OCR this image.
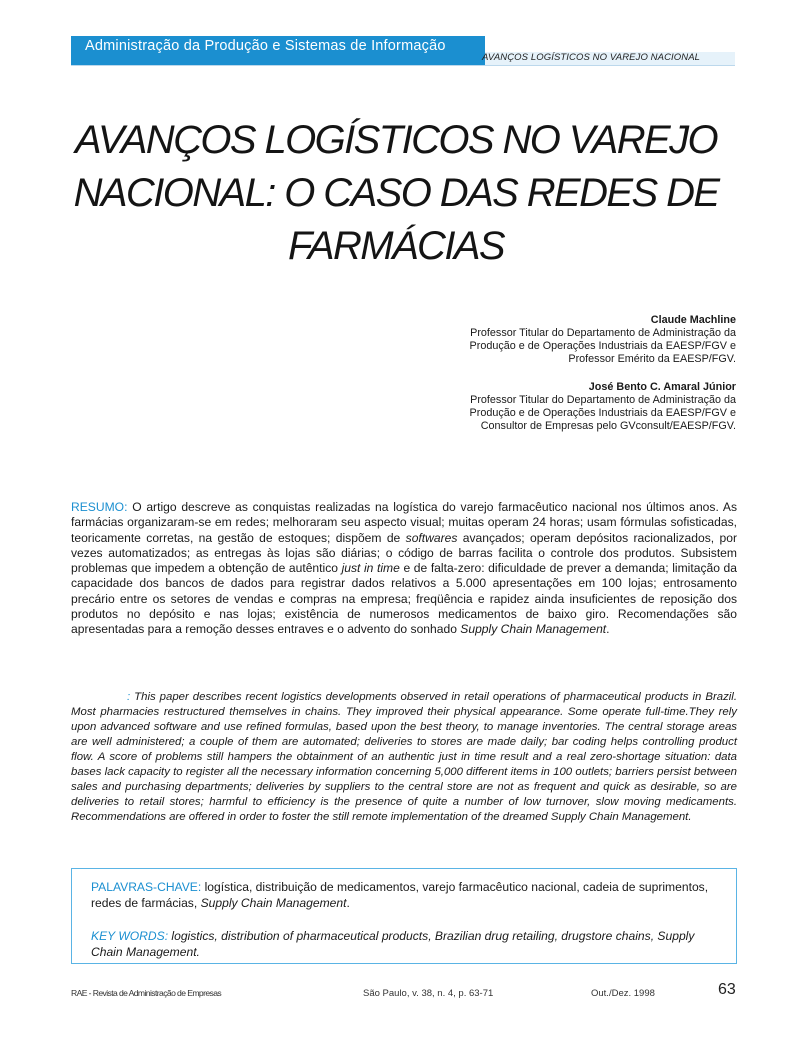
Administração da Produção e Sistemas de Informação
AVANÇOS LOGÍSTICOS NO VAREJO NACIONAL
AVANÇOS LOGÍSTICOS NO VAREJO NACIONAL: O CASO DAS REDES DE FARMÁCIAS
Claude Machline
Professor Titular do Departamento de Administração da
Produção e de Operações Industriais da EAESP/FGV e
Professor Emérito da EAESP/FGV.
José Bento C. Amaral Júnior
Professor Titular do Departamento de Administração da
Produção e de Operações Industriais da EAESP/FGV e
Consultor de Empresas pelo GVconsult/EAESP/FGV.

RESUMO: O artigo descreve as conquistas realizadas na logística do varejo farmacêutico nacional nos últimos anos. As farmácias organizaram-se em redes; melhoraram seu aspecto visual; muitas operam 24 horas; usam fórmulas sofisticadas, teoricamente corretas, na gestão de estoques; dispõem de softwares avançados; operam depósitos racionalizados, por vezes automatizados; as entregas às lojas são diárias; o código de barras facilita o controle dos produtos. Subsistem problemas que impedem a obtenção de autêntico just in time e de falta-zero: dificuldade de prever a demanda; limitação da capacidade dos bancos de dados para registrar dados relativos a 5.000 apresentações em 100 lojas; entrosamento precário entre os setores de vendas e compras na empresa; freqüência e rapidez ainda insuficientes de reposição dos produtos no depósito e nas lojas; existência de numerosos medicamentos de baixo giro. Recomendações são apresentadas para a remoção desses entraves e o advento do sonhado Supply Chain Management.

: This paper describes recent logistics developments observed in retail operations of pharmaceutical products in Brazil. Most pharmacies restructured themselves in chains. They improved their physical appearance. Some operate full-time.They rely upon advanced software and use refined formulas, based upon the best theory, to manage inventories. The central storage areas are well administered; a couple of them are automated; deliveries to stores are made daily; bar coding helps controlling product flow. A score of problems still hampers the obtainment of an authentic just in time result and a real zero-shortage situation: data bases lack capacity to register all the necessary information concerning 5,000 different items in 100 outlets; barriers persist between sales and purchasing departments; deliveries by suppliers to the central store are not as frequent and quick as desirable, so are deliveries to retail stores; harmful to efficiency is the presence of quite a number of low turnover, slow moving medicaments. Recommendations are offered in order to foster the still remote implementation of the dreamed Supply Chain Management.

PALAVRAS-CHAVE: logística, distribuição de medicamentos, varejo farmacêutico nacional, cadeia de suprimentos, redes de farmácias, Supply Chain Management.

KEY WORDS: logistics, distribution of pharmaceutical products, Brazilian drug retailing, drugstore chains, Supply Chain Management.

RAE - Revista de Administração de Empresas	São Paulo, v. 38, n. 4, p. 63-71	Out./Dez. 1998	63
